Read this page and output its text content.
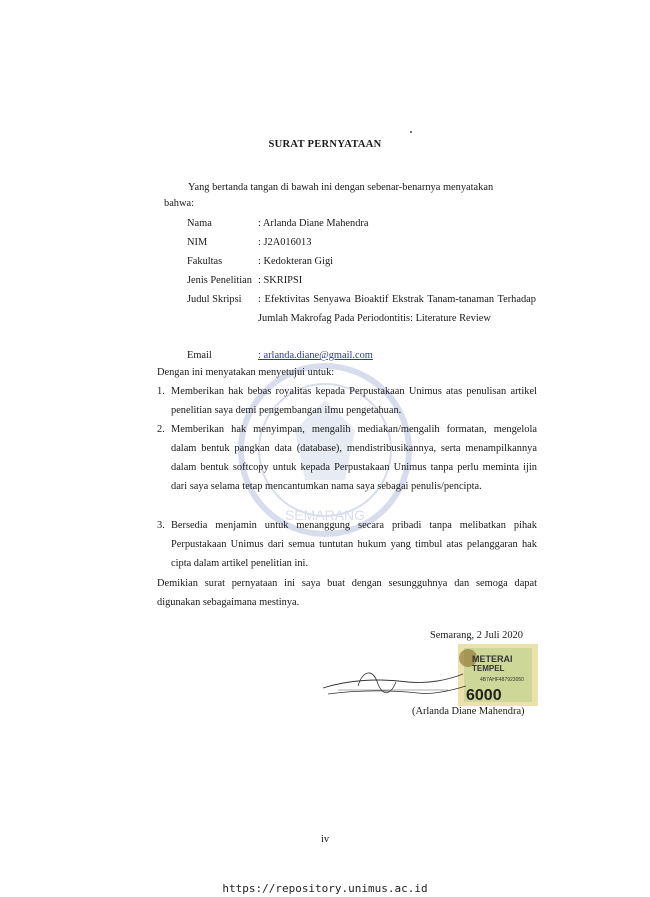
SEMARANG
SURAT PERNYATAAN
Yang bertanda tangan di bawah ini dengan sebenar-benarnya menyatakan
bahwa:
Nama	: Arlanda Diane Mahendra
NIM	: J2A016013
Fakultas	: Kedokteran Gigi
Jenis Penelitian : SKRIPSI
Judul Skripsi : Efektivitas Senyawa Bioaktif Ekstrak Tanam-tanaman Terhadap Jumlah Makrofag Pada Periodontitis: Literature Review
Email	: arlanda.diane@gmail.com
Dengan ini menyatakan menyetujui untuk:
1. Memberikan hak bebas royalitas kepada Perpustakaan Unimus atas penulisan artikel penelitian saya demi pengembangan ilmu pengetahuan.
2. Memberikan hak menyimpan, mengalih mediakan/mengalih formatan, mengelola dalam bentuk pangkan data (database), mendistribusikannya, serta menampilkannya dalam bentuk softcopy untuk kepada Perpustakaan Unimus tanpa perlu meminta ijin dari saya selama tetap mencantumkan nama saya sebagai penulis/pencipta.
3. Bersedia menjamin untuk menanggung secara pribadi tanpa melibatkan pihak Perpustakaan Unimus dari semua tuntutan hukum yang timbul atas pelanggaran hak cipta dalam artikel penelitian ini.
Demikian surat pernyataan ini saya buat dengan sesungguhnya dan semoga dapat digunakan sebagaimana mestinya.
Semarang, 2 Juli 2020
METERAI
TEMPEL
4B7AHF487923050
6000
(Arlanda Diane Mahendra)
iv
https://repository.unimus.ac.id
